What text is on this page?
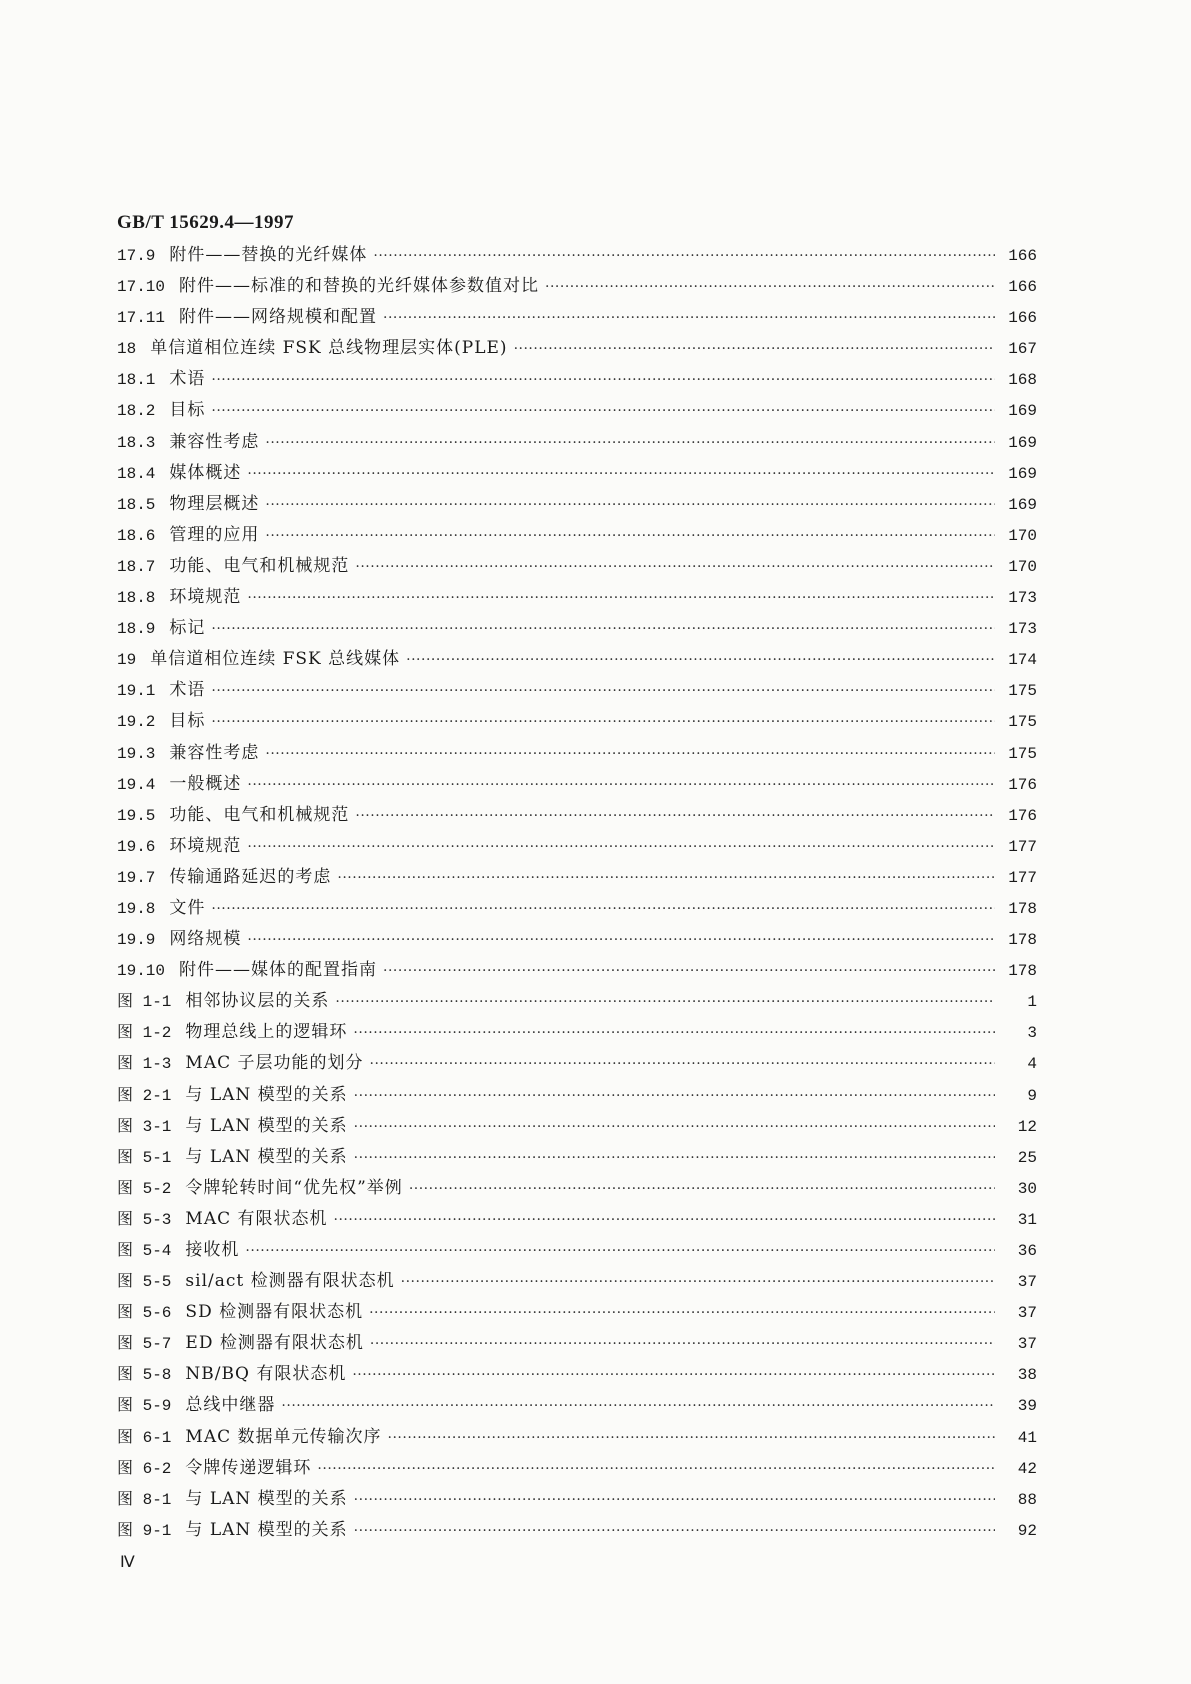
GB/T 15629.4—1997
17.9 附件——替换的光纤媒体 ·····	166
17.10 附件——标准的和替换的光纤媒体参数值对比 ·····	166
17.11 附件——网络规模和配置 ·····	166
18 单信道相位连续 FSK 总线物理层实体(PLE) ·····	167
18.1 术语 ·····	168
18.2 目标 ·····	169
18.3 兼容性考虑 ·····	169
18.4 媒体概述 ·····	169
18.5 物理层概述 ·····	169
18.6 管理的应用 ·····	170
18.7 功能、电气和机械规范 ·····	170
18.8 环境规范 ·····	173
18.9 标记 ·····	173
19 单信道相位连续 FSK 总线媒体 ·····	174
19.1 术语 ·····	175
19.2 目标 ·····	175
19.3 兼容性考虑 ·····	175
19.4 一般概述 ·····	176
19.5 功能、电气和机械规范 ·····	176
19.6 环境规范 ·····	177
19.7 传输通路延迟的考虑 ·····	177
19.8 文件 ·····	178
19.9 网络规模 ·····	178
19.10 附件——媒体的配置指南 ·····	178
图 1-1 相邻协议层的关系 ·····	1
图 1-2 物理总线上的逻辑环 ·····	3
图 1-3 MAC 子层功能的划分 ·····	4
图 2-1 与 LAN 模型的关系 ·····	9
图 3-1 与 LAN 模型的关系 ·····	12
图 5-1 与 LAN 模型的关系 ·····	25
图 5-2 令牌轮转时间“优先权”举例 ·····	30
图 5-3 MAC 有限状态机 ·····	31
图 5-4 接收机 ·····	36
图 5-5 sil/act 检测器有限状态机 ·····	37
图 5-6 SD 检测器有限状态机 ·····	37
图 5-7 ED 检测器有限状态机 ·····	37
图 5-8 NB/BQ 有限状态机 ·····	38
图 5-9 总线中继器 ·····	39
图 6-1 MAC 数据单元传输次序 ·····	41
图 6-2 令牌传递逻辑环 ·····	42
图 8-1 与 LAN 模型的关系 ·····	88
图 9-1 与 LAN 模型的关系 ·····	92
Ⅳ
